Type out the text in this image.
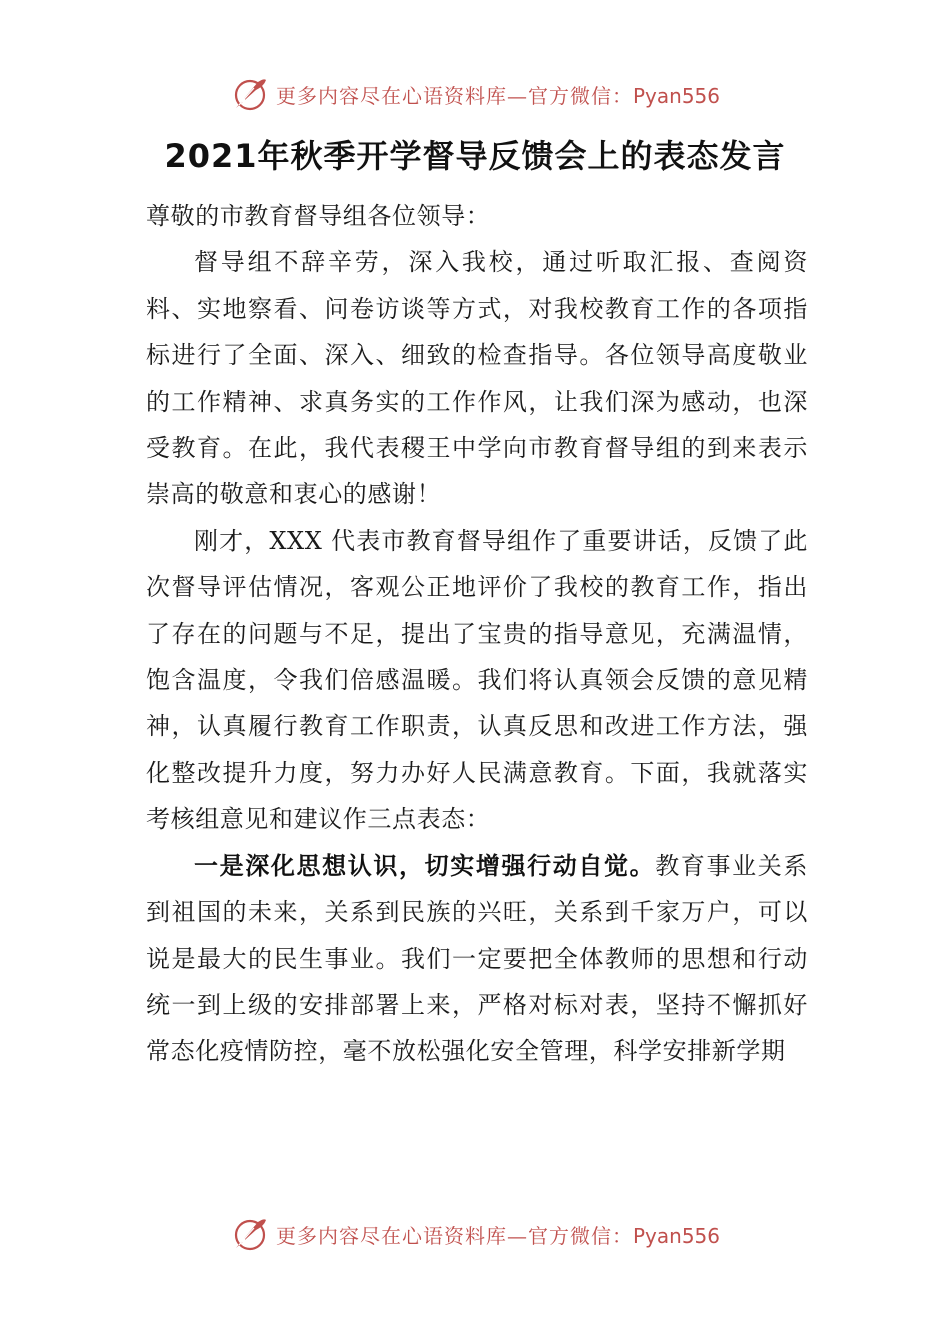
更多内容尽在心语资料库—官方微信：Pyan556
2021年秋季开学督导反馈会上的表态发言

尊敬的市教育督导组各位领导：

督导组不辞辛劳，深入我校，通过听取汇报、查阅资料、实地察看、问卷访谈等方式，对我校教育工作的各项指标进行了全面、深入、细致的检查指导。各位领导高度敬业的工作精神、求真务实的工作作风，让我们深为感动，也深受教育。在此，我代表稷王中学向市教育督导组的到来表示崇高的敬意和衷心的感谢！

刚才，XXX 代表市教育督导组作了重要讲话，反馈了此次督导评估情况，客观公正地评价了我校的教育工作，指出了存在的问题与不足，提出了宝贵的指导意见，充满温情，饱含温度，令我们倍感温暖。我们将认真领会反馈的意见精神，认真履行教育工作职责，认真反思和改进工作方法，强化整改提升力度，努力办好人民满意教育。下面，我就落实考核组意见和建议作三点表态：

一是深化思想认识，切实增强行动自觉。教育事业关系到祖国的未来，关系到民族的兴旺，关系到千家万户，可以说是最大的民生事业。我们一定要把全体教师的思想和行动统一到上级的安排部署上来，严格对标对表，坚持不懈抓好常态化疫情防控，毫不放松强化安全管理，科学安排新学期

更多内容尽在心语资料库—官方微信：Pyan556
